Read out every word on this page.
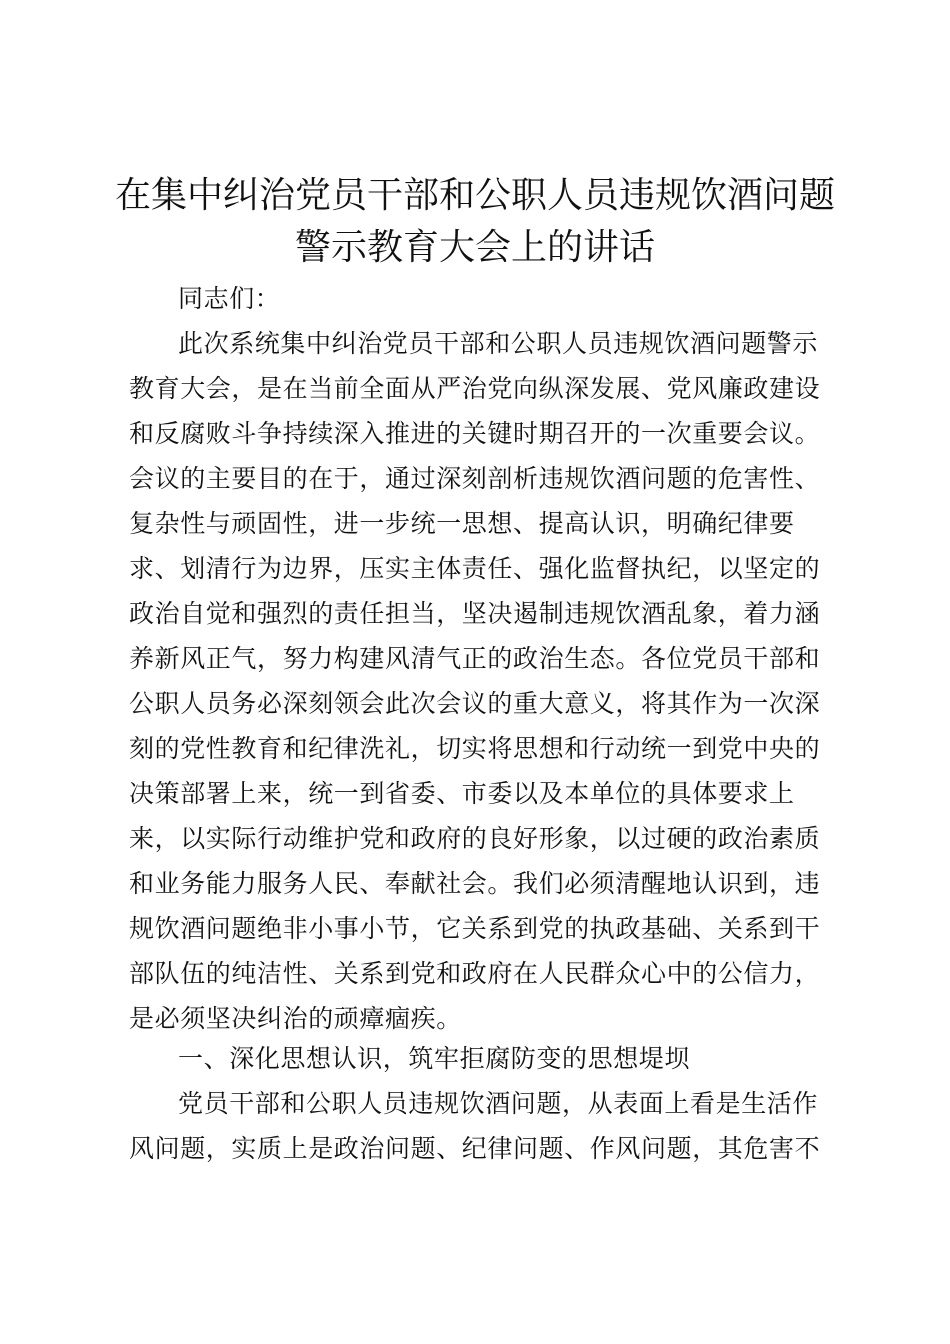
在集中纠治党员干部和公职人员违规饮酒问题
警示教育大会上的讲话

同志们：

此次系统集中纠治党员干部和公职人员违规饮酒问题警示

教育大会，是在当前全面从严治党向纵深发展、党风廉政建设

和反腐败斗争持续深入推进的关键时期召开的一次重要会议。

会议的主要目的在于，通过深刻剖析违规饮酒问题的危害性、

复杂性与顽固性，进一步统一思想、提高认识，明确纪律要

求、划清行为边界，压实主体责任、强化监督执纪，以坚定的

政治自觉和强烈的责任担当，坚决遏制违规饮酒乱象，着力涵

养新风正气，努力构建风清气正的政治生态。各位党员干部和

公职人员务必深刻领会此次会议的重大意义，将其作为一次深

刻的党性教育和纪律洗礼，切实将思想和行动统一到党中央的

决策部署上来，统一到省委、市委以及本单位的具体要求上

来，以实际行动维护党和政府的良好形象，以过硬的政治素质

和业务能力服务人民、奉献社会。我们必须清醒地认识到，违

规饮酒问题绝非小事小节，它关系到党的执政基础、关系到干

部队伍的纯洁性、关系到党和政府在人民群众心中的公信力，

是必须坚决纠治的顽瘴痼疾。

一、深化思想认识，筑牢拒腐防变的思想堤坝

党员干部和公职人员违规饮酒问题，从表面上看是生活作

风问题，实质上是政治问题、纪律问题、作风问题，其危害不
